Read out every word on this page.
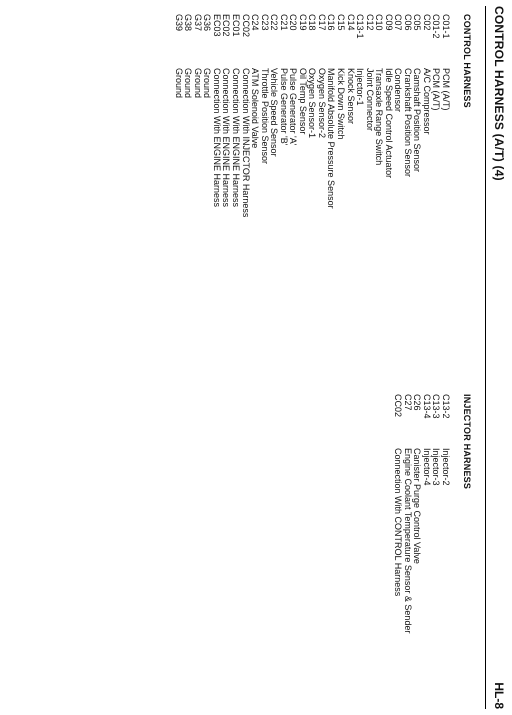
CONTROL HARNESS (A/T) (4)
HL-8
CONTROL HARNESS
C01-1
PCM (A/T)
C01-2
PCM (A/T)
C02
A/C Compressor
C05
Camshaft Position Sensor
C06
Crankshaft Position Sensor
C07
Condensor
C09
Idle Speed Control Actuator
C10
Transaxle Range Switch
C12
Joint Connector
C13-1
Injector-1
C14
Knock Sensor
C15
Kick Down Switch
C16
Manifold Absolute Pressure Sensor
C17
Oxygen Sensor-2
C18
Oxygen Sensor-1
C19
Oil Temp Sensor
C20
Pulse Generator 'A'
C21
Pulse Generator 'B'
C22
Vehicle Speed Sensor
C23
Throttle Position Sensor
C24
ATM Solenoid Valve
CC02
Connection With INJECTOR Harness
EC01
Connection With ENGINE Harness
EC02
Connection With ENGINE Harness
EC03
Connection With ENGINE Harness
G36
Ground
G37
Ground
G38
Ground
G39
Ground
INJECTOR HARNESS
C13-2
Injector-2
C13-3
Injector-3
C13-4
Injector-4
C26
Canister Purge Control Valve
C27
Engine Coolant Temperature Sensor & Sender
CC02
Connection With CONTROL Harness
